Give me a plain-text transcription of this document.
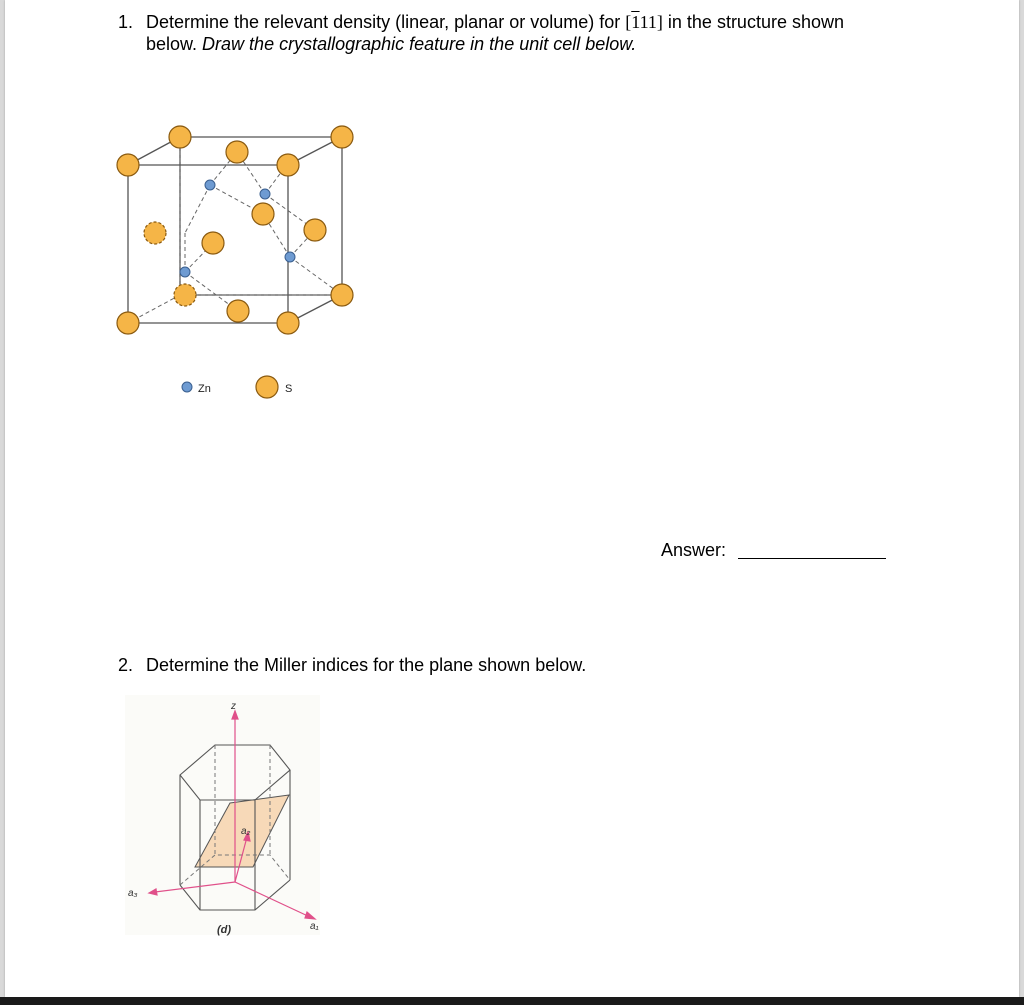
1. Determine the relevant density (linear, planar or volume) for [111] in the structure shown below. Draw the crystallographic feature in the unit cell below.
Zn	S
Answer:
2. Determine the Miller indices for the plane shown below.
z
a₂
a₃
a₁
(d)
